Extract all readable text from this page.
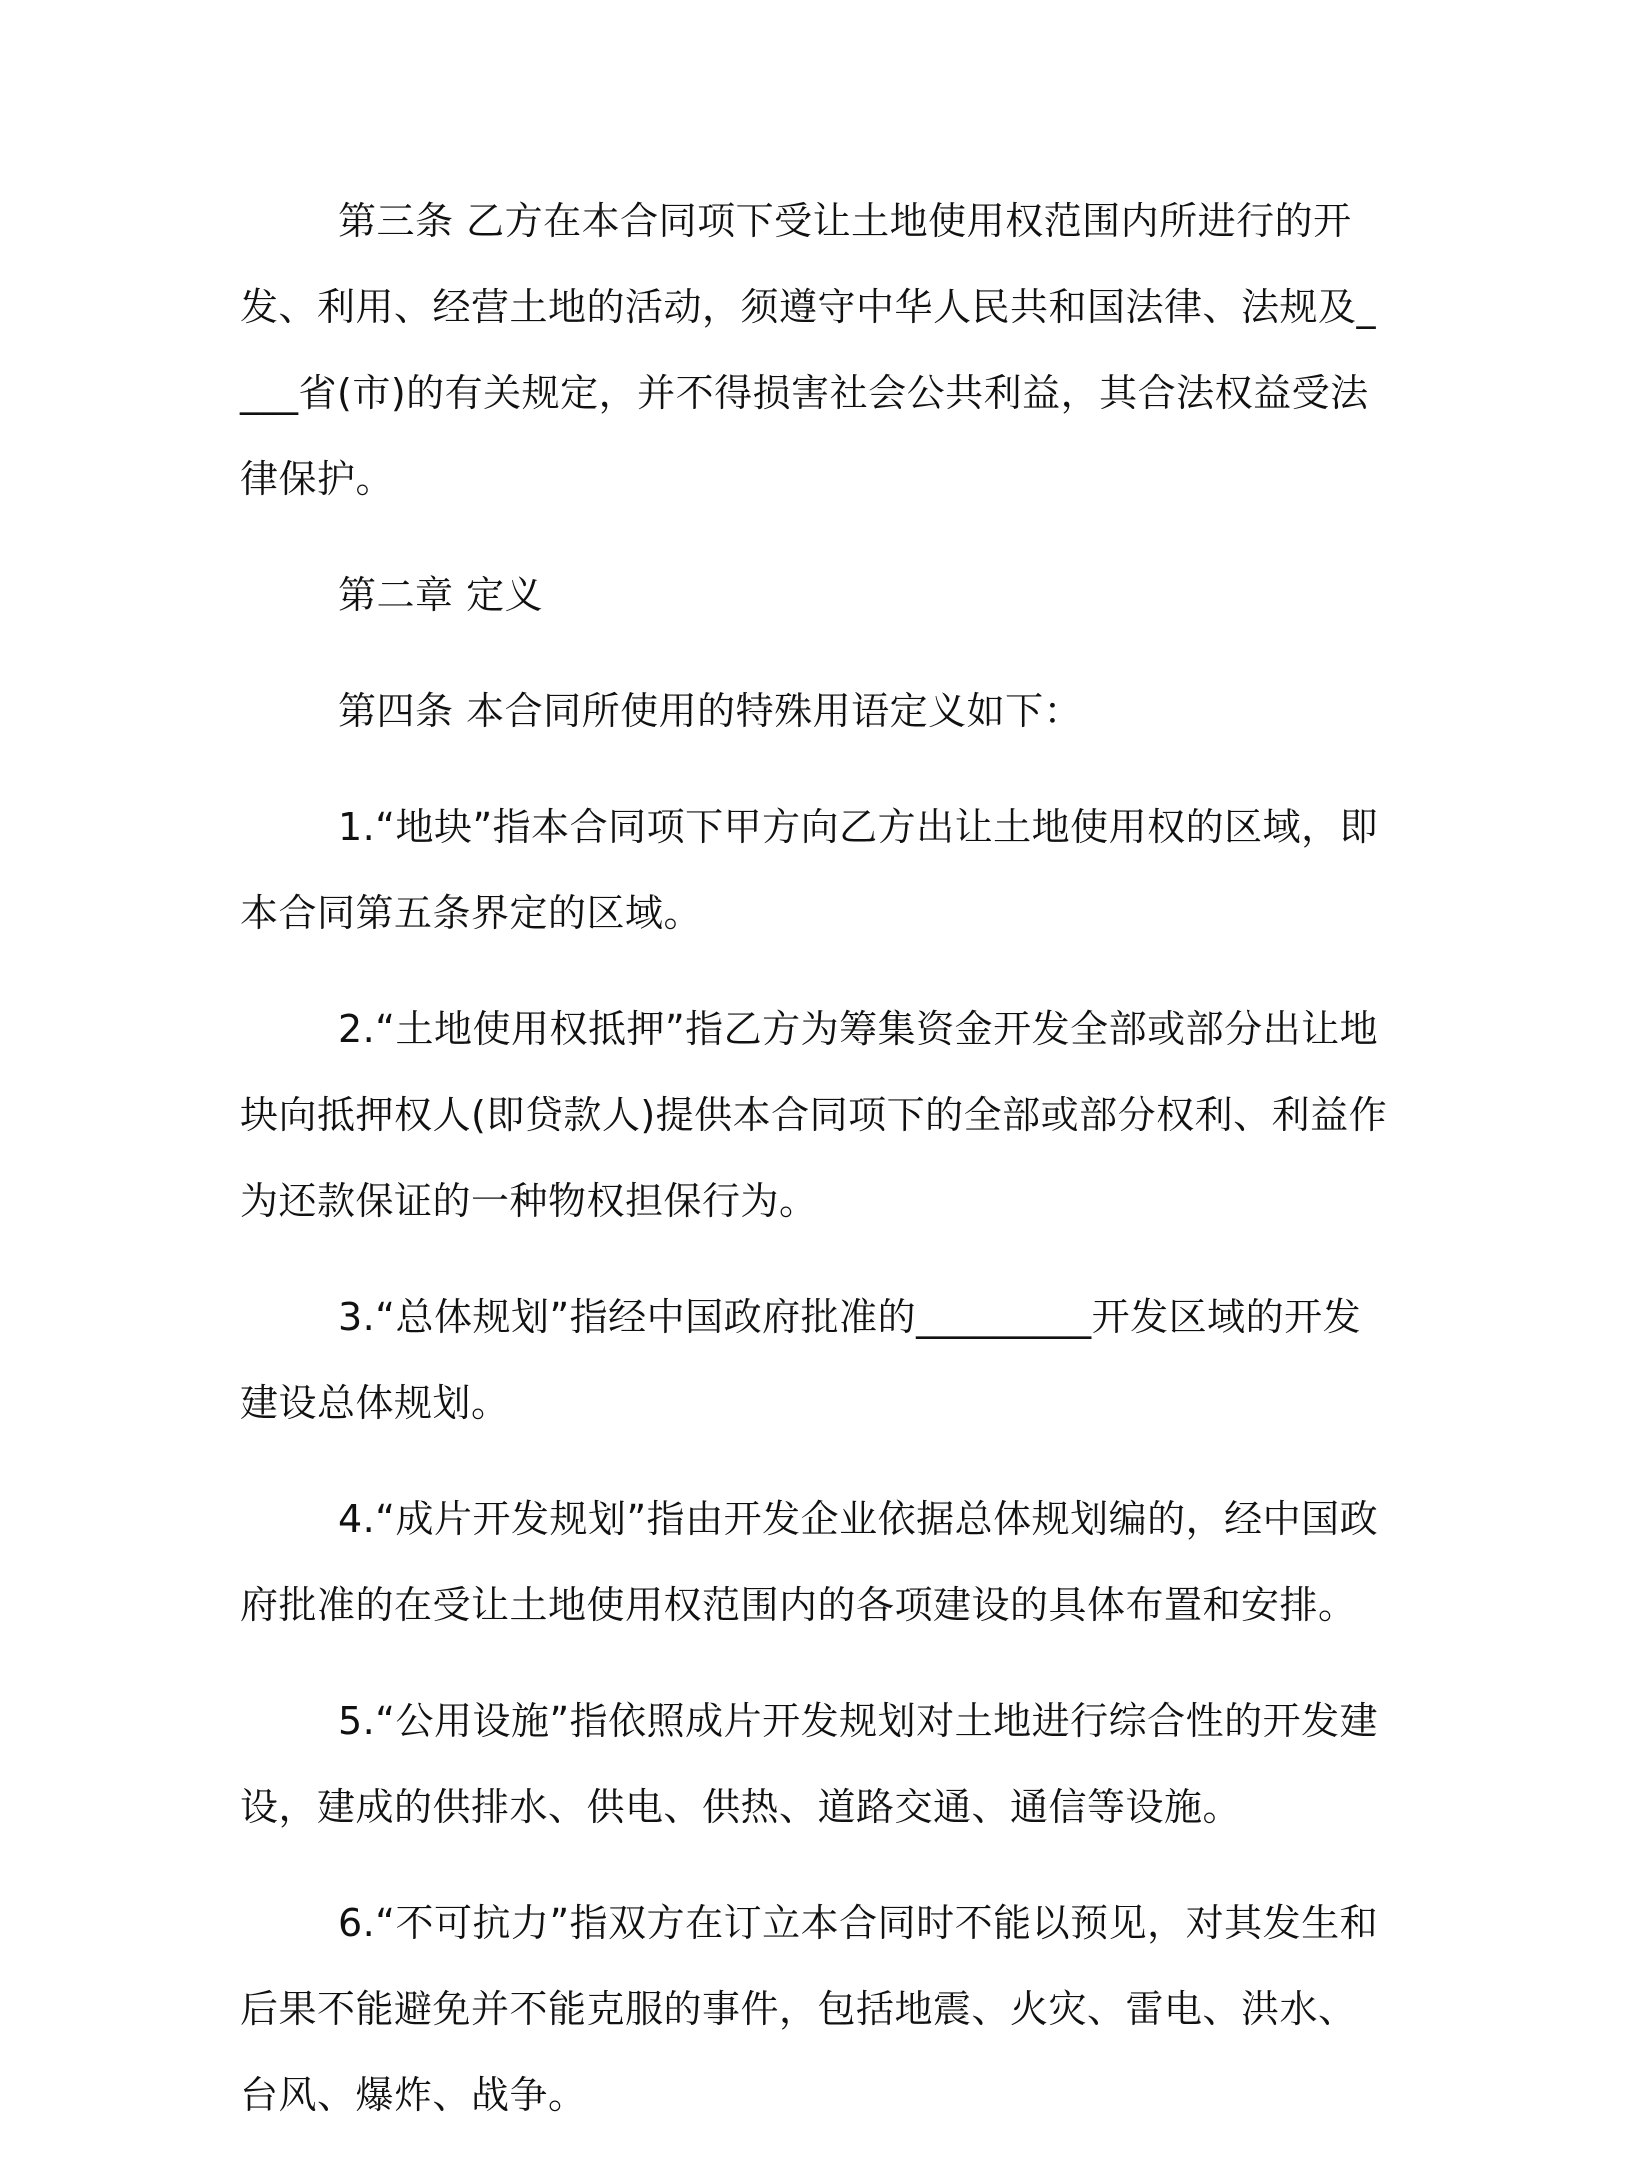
第三条 乙方在本合同项下受让土地使用权范围内所进行的开发、利用、经营土地的活动，须遵守中华人民共和国法律、法规及____省(市)的有关规定，并不得损害社会公共利益，其合法权益受法律保护。

第二章 定义

第四条 本合同所使用的特殊用语定义如下：

1.“地块”指本合同项下甲方向乙方出让土地使用权的区域，即本合同第五条界定的区域。

2.“土地使用权抵押”指乙方为筹集资金开发全部或部分出让地块向抵押权人(即贷款人)提供本合同项下的全部或部分权利、利益作为还款保证的一种物权担保行为。

3.“总体规划”指经中国政府批准的_________开发区域的开发建设总体规划。

4.“成片开发规划”指由开发企业依据总体规划编的，经中国政府批准的在受让土地使用权范围内的各项建设的具体布置和安排。

5.“公用设施”指依照成片开发规划对土地进行综合性的开发建设，建成的供排水、供电、供热、道路交通、通信等设施。

6.“不可抗力”指双方在订立本合同时不能以预见，对其发生和后果不能避免并不能克服的事件，包括地震、火灾、雷电、洪水、台风、爆炸、战争。
